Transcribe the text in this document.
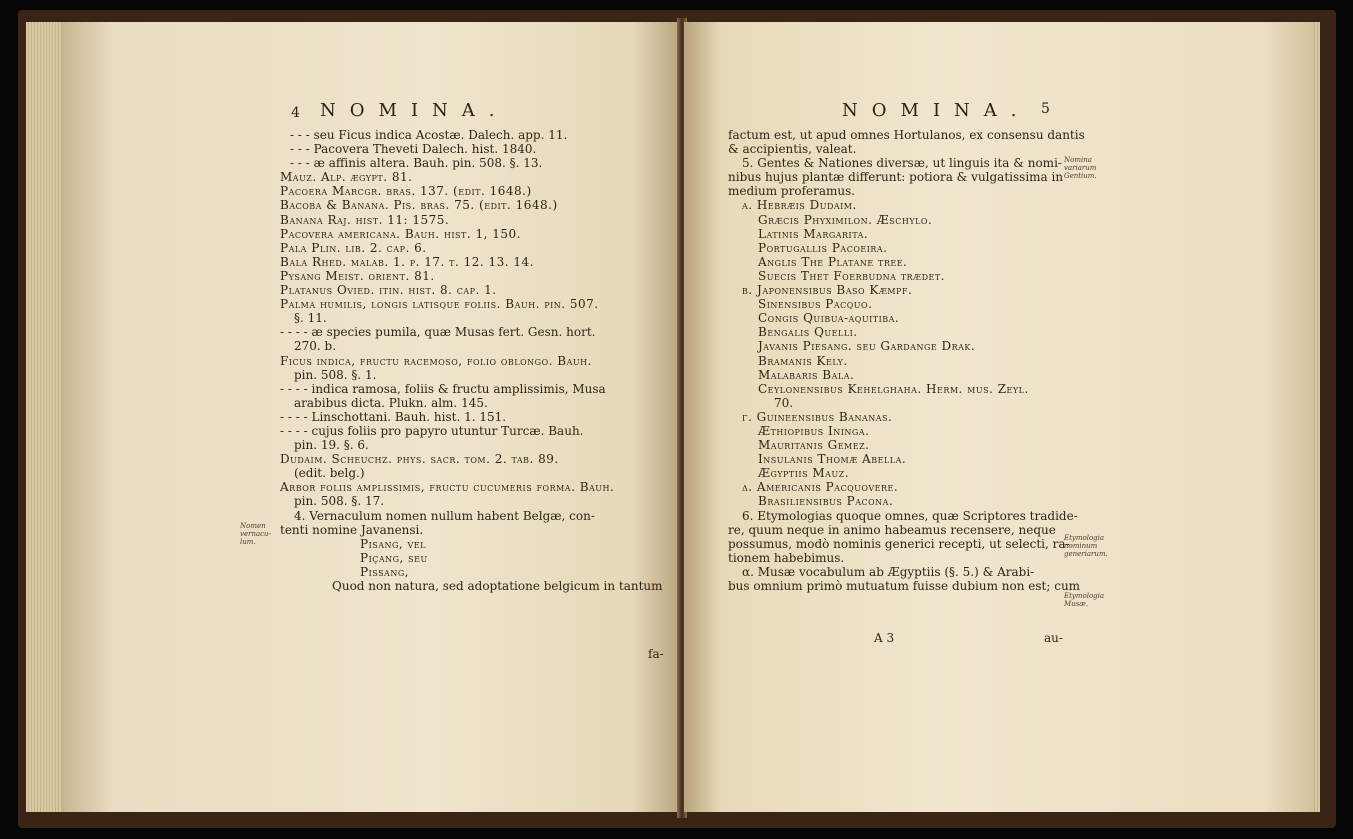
4 NOMINA.
- - - seu Ficus indica Acostæ. Dalech. app. 11.
- - - Pacovera Theveti Dalech. hist. 1840.
- - - æ affinis altera. Bauh. pin. 508. §. 13.
Mauz. Alp. ægypt. 81.
Pacoera Marcgr. bras. 137. (edit. 1648.)
Bacoba & Banana. Pis. bras. 75. (edit. 1648.)
Banana Raj. hist. 11: 1575.
Pacovera americana. Bauh. hist. 1, 150.
Pala Plin. lib. 2. cap. 6.
Bala Rhed. malab. 1. p. 17. t. 12. 13. 14.
Pysang Meist. orient. 81.
Platanus Ovied. itin. hist. 8. cap. 1.
Palma humilis, longis latisque foliis. Bauh. pin. 507.
§. 11.
- - - - æ species pumila, quæ Musas fert. Gesn. hort.
270. b.
Ficus indica, fructu racemoso, folio oblongo. Bauh.
pin. 508. §. 1.
- - - - indica ramosa, foliis & fructu amplissimis, Musa
arabibus dicta. Plukn. alm. 145.
- - - - Linschottani. Bauh. hist. 1. 151.
- - - - cujus foliis pro papyro utuntur Turcæ. Bauh.
pin. 19. §. 6.
Dudaim. Scheuchz. phys. sacr. tom. 2. tab. 89.
(edit. belg.)
Arbor foliis amplissimis, fructu cucumeris forma. Bauh.
pin. 508. §. 17.
4. Vernaculum nomen nullum habent Belgæ, con-
tenti nomine Javanensi.
Pisang, vel
Piçang, seu
Pissang,
Quod non natura, sed adoptatione belgicum in tantum
fa-
Nomen vernacu- lum.
NOMINA. 5
factum est, ut apud omnes Hortulanos, ex consensu dantis
& accipientis, valeat.
5. Gentes & Nationes diversæ, ut linguis ita & nomi-
nibus hujus plantæ differunt: potiora & vulgatissima in
medium proferamus.
α. Hebræis Dudaim.
Græcis Phyximilon. Æschylo.
Latinis Margarita.
Portugallis Pacoeira.
Anglis The Platane tree.
Suecis Thet Foerbudna trædet.
β. Japonensibus Baso Kæmpf.
Sinensibus Pacquo.
Congis Quibua-aquitiba.
Bengalis Quelli.
Javanis Piesang. seu Gardange Drak.
Bramanis Kely.
Malabaris Bala.
Ceylonensibus Kehelghaha. Herm. mus. Zeyl.
70.
γ. Guineensibus Bananas.
Æthiopibus Ininga.
Mauritanis Gemez.
Insulanis Thomæ Abella.
Ægyptiis Mauz.
δ. Americanis Pacquovere.
Brasiliensibus Pacona.
6. Etymologias quoque omnes, quæ Scriptores tradide-
re, quum neque in animo habeamus recensere, neque
possumus, modò nominis generici recepti, ut selecti, ra-
tionem habebimus.
α. Musæ vocabulum ab Ægyptiis (§. 5.) & Arabi-
bus omnium primò mutuatum fuisse dubium non est; cum
A 3	au-
Nomina variarum Gentium.
Etymologia nominum generiarum.
Etymologia Musæ.
